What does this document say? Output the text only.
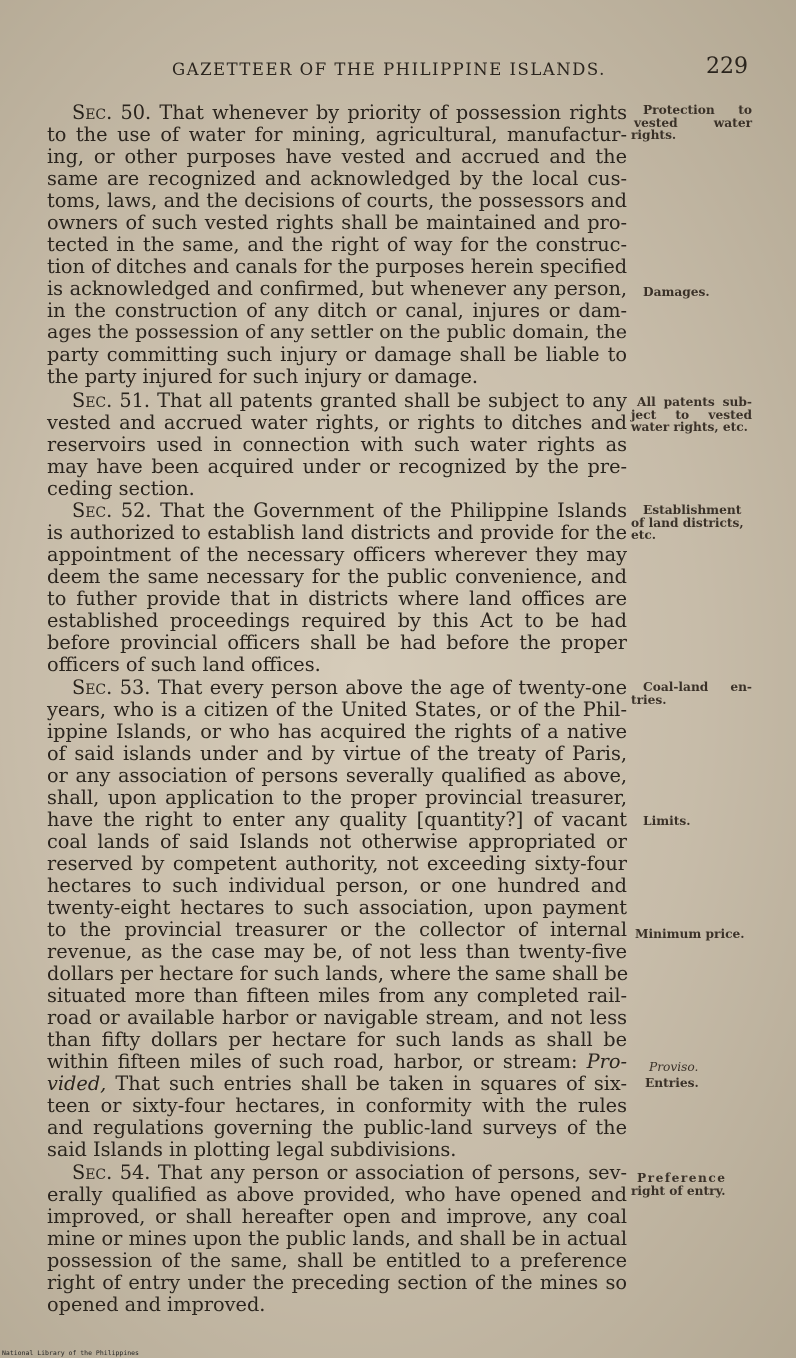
GAZETTEER OF THE PHILIPPINE ISLANDS.	229
Sec. 50. That whenever by priority of possession rights
to the use of water for mining, agricultural, manufactur-
ing, or other purposes have vested and accrued and the
same are recognized and acknowledged by the local cus-
toms, laws, and the decisions of courts, the possessors and
owners of such vested rights shall be maintained and pro-
tected in the same, and the right of way for the construc-
tion of ditches and canals for the purposes herein specified
is acknowledged and confirmed, but whenever any person,
in the construction of any ditch or canal, injures or dam-
ages the possession of any settler on the public domain, the
party committing such injury or damage shall be liable to
the party injured for such injury or damage.
Sec. 51. That all patents granted shall be subject to any
vested and accrued water rights, or rights to ditches and
reservoirs used in connection with such water rights as
may have been acquired under or recognized by the pre-
ceding section.
Sec. 52. That the Government of the Philippine Islands
is authorized to establish land districts and provide for the
appointment of the necessary officers wherever they may
deem the same necessary for the public convenience, and
to futher provide that in districts where land offices are
established proceedings required by this Act to be had
before provincial officers shall be had before the proper
officers of such land offices.
Sec. 53. That every person above the age of twenty-one
years, who is a citizen of the United States, or of the Phil-
ippine Islands, or who has acquired the rights of a native
of said islands under and by virtue of the treaty of Paris,
or any association of persons severally qualified as above,
shall, upon application to the proper provincial treasurer,
have the right to enter any quality [quantity?] of vacant
coal lands of said Islands not otherwise appropriated or
reserved by competent authority, not exceeding sixty-four
hectares to such individual person, or one hundred and
twenty-eight hectares to such association, upon payment
to the provincial treasurer or the collector of internal
revenue, as the case may be, of not less than twenty-five
dollars per hectare for such lands, where the same shall be
situated more than fifteen miles from any completed rail-
road or available harbor or navigable stream, and not less
than fifty dollars per hectare for such lands as shall be
within fifteen miles of such road, harbor, or stream: Pro-
vided, That such entries shall be taken in squares of six-
teen or sixty-four hectares, in conformity with the rules
and regulations governing the public-land surveys of the
said Islands in plotting legal subdivisions.
Sec. 54. That any person or association of persons, sev-
erally qualified as above provided, who have opened and
improved, or shall hereafter open and improve, any coal
mine or mines upon the public lands, and shall be in actual
possession of the same, shall be entitled to a preference
right of entry under the preceding section of the mines so
opened and improved.

Protection to

vested water

rights.

Damages.

All patents sub-

ject to vested

water rights, etc.

Establishment

of land districts,

etc.

Coal-land en-

tries.

Limits.

Minimum price.

Proviso.

Entries.

Preference

right of entry.

National Library of the Philippines
